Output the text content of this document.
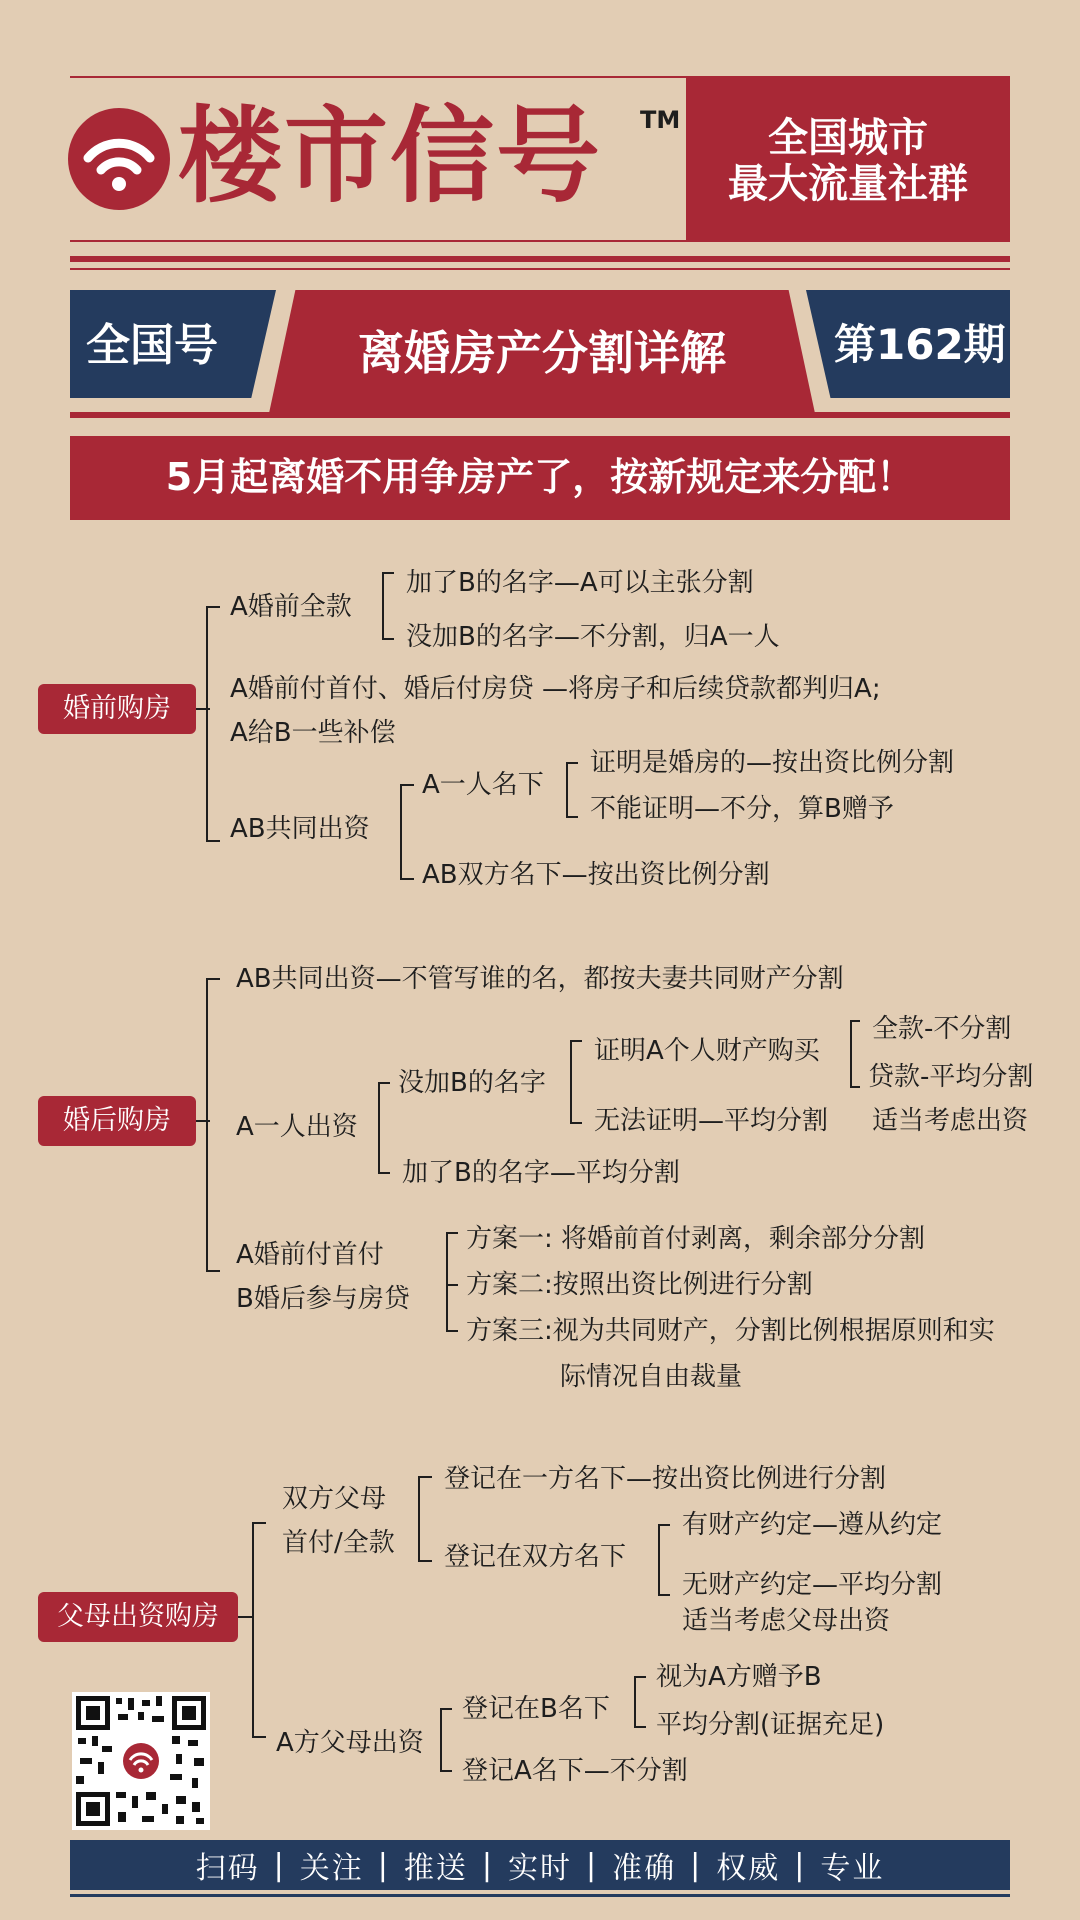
楼市信号 TM	全国城市
最大流量社群
全国号	离婚房产分割详解	第162期
5月起离婚不用争房产了，按新规定来分配！
婚前购房
A婚前全款
加了B的名字—A可以主张分割
没加B的名字—不分割，归A一人
A婚前付首付、婚后付房贷 —将房子和后续贷款都判归A;
A给B一些补偿
AB共同出资
A一人名下
证明是婚房的—按出资比例分割
不能证明—不分，算B赠予
AB双方名下—按出资比例分割
婚后购房
AB共同出资—不管写谁的名，都按夫妻共同财产分割
A一人出资
没加B的名字
证明A个人财产购买
全款-不分割
贷款-平均分割
无法证明—平均分割 适当考虑出资
加了B的名字—平均分割
A婚前付首付
B婚后参与房贷
方案一: 将婚前首付剥离，剩余部分分割
方案二:按照出资比例进行分割
方案三:视为共同财产，分割比例根据原则和实
际情况自由裁量
父母出资购房
双方父母
首付/全款
登记在一方名下—按出资比例进行分割
登记在双方名下
有财产约定—遵从约定
无财产约定—平均分割
适当考虑父母出资
A方父母出资
登记在B名下
视为A方赠予B
平均分割(证据充足)
登记A名下—不分割
扫码 | 关注 | 推送 | 实时 | 准确 | 权威 | 专业
